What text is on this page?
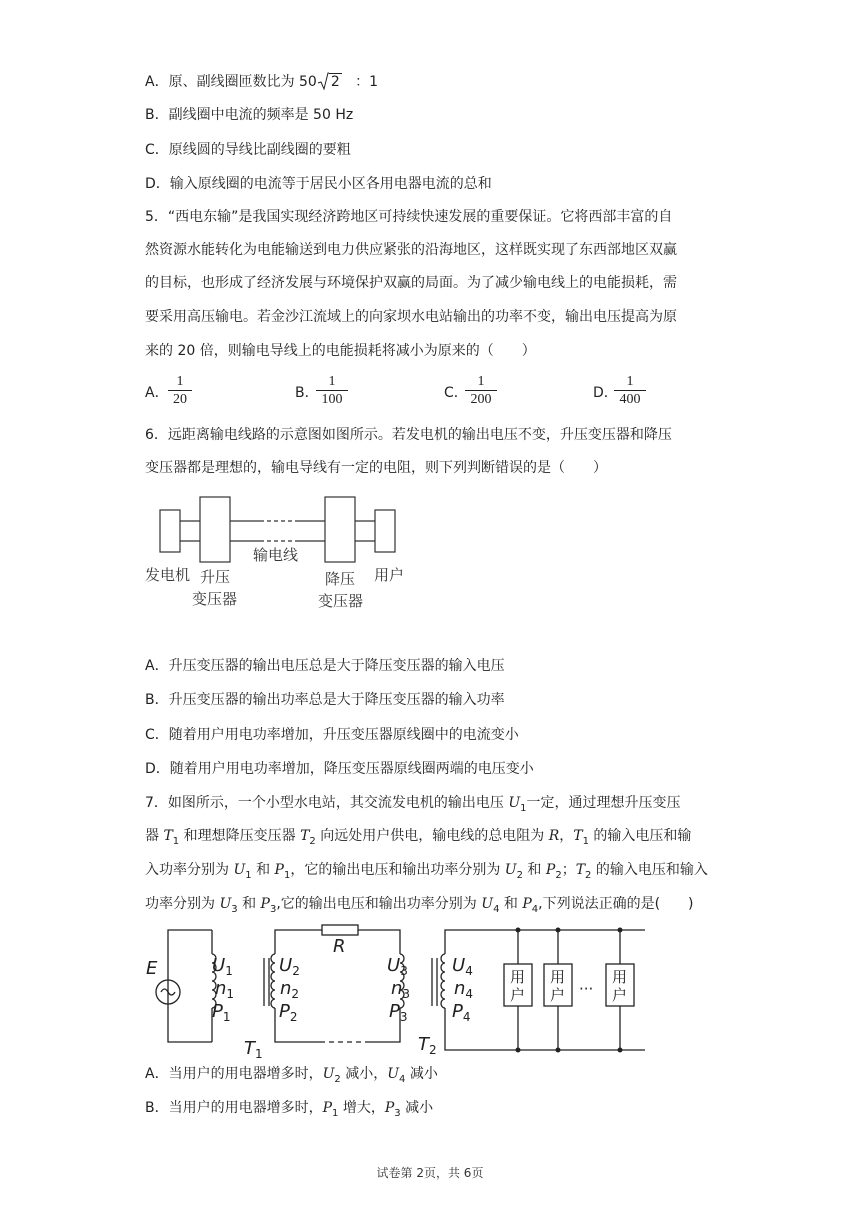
A．原、副线圈匝数比为 50 2 ：1
B．副线圈中电流的频率是 50 Hz
C．原线圆的导线比副线圈的要粗
D．输入原线圈的电流等于居民小区各用电器电流的总和
5．“西电东输”是我国实现经济跨地区可持续快速发展的重要保证。它将西部丰富的自
然资源水能转化为电能输送到电力供应紧张的沿海地区，这样既实现了东西部地区双赢
的目标，也形成了经济发展与环境保护双赢的局面。为了减少输电线上的电能损耗，需
要采用高压输电。若金沙江流域上的向家坝水电站输出的功率不变，输出电压提高为原
来的 20 倍，则输电导线上的电能损耗将减小为原来的（　　）
A． $\frac{1}{20}$	B．
$\frac{1}{100}$	C．
$\frac{1}{200}$	D．
$\frac{1}{400}$
6．远距离输电线路的示意图如图所示。若发电机的输出电压不变，升压变压器和降压
变压器都是理想的，输电导线有一定的电阻，则下列判断错误的是（　　）
发电机 升压
变压器
输电线
降压
变压器
用户
A．升压变压器的输出电压总是大于降压变压器的输入电压
B．升压变压器的输出功率总是大于降压变压器的输入功率
C．随着用户用电功率增加，升压变压器原线圈中的电流变小
D．随着用户用电功率增加，降压变压器原线圈两端的电压变小
7．如图所示，一个小型水电站，其交流发电机的输出电压 $U_1$一定，通过理想升压变压
器 $T_1$ 和理想降压变压器 $T_2$ 向远处用户供电，输电线的总电阻为 R，$T_1$ 的输入电压和输
入功率分别为 $U_1$ 和 $P_1$，它的输出电压和输出功率分别为 $U_2$ 和 $P_2$；$T_2$ 的输入电压和输入
功率分别为 $U_3$ 和 $P_3$,它的输出电压和输出功率分别为 $U_4$ 和 $P_4$,下列说法正确的是(　　)
E
R
$U_1$
$n_1$
$P_1$
$U_2$
$n_2$
$P_2$
$U_3$
$n_3$
$P_3$
$U_4$
$n_4$
$P_4$
$T_1$	$T_2$
用
户
用
户
用
户
···
A．当用户的用电器增多时，$U_2$ 减小，$U_4$ 减小
B．当用户的用电器增多时，$P_1$ 增大，$P_3$ 减小
试卷第 2页，共 6页
